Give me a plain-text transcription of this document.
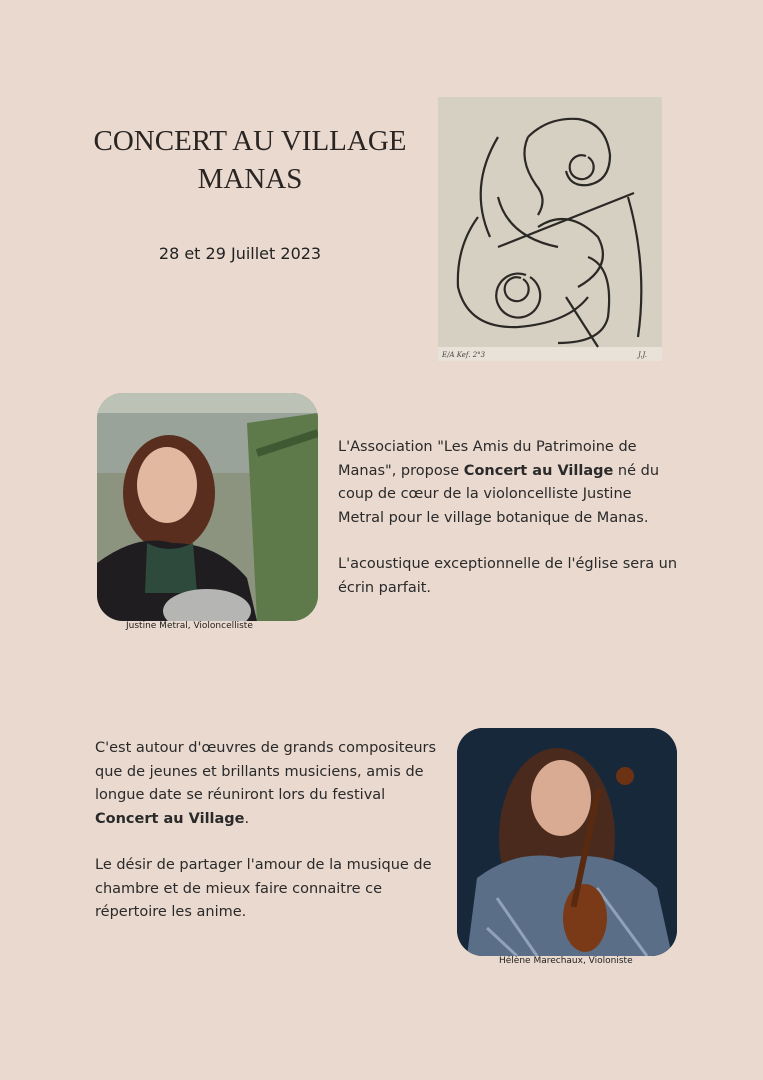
CONCERT AU VILLAGE
MANAS
28 et 29 Juillet 2023
E/A Kef. 2°3	J.J.
Justine Metral, Violoncelliste

L'Association "Les Amis du Patrimoine de Manas", propose Concert au Village né du coup de cœur de la violoncelliste Justine Metral pour le village botanique de Manas.

L'acoustique exceptionnelle de l'église sera un écrin parfait.

C'est autour d'œuvres de grands compositeurs que de jeunes et brillants musiciens, amis de longue date se réuniront lors du festival Concert au Village.

Le désir de partager l'amour de la musique de chambre et de mieux faire connaitre ce répertoire les anime.

Hélène Marechaux, Violoniste
